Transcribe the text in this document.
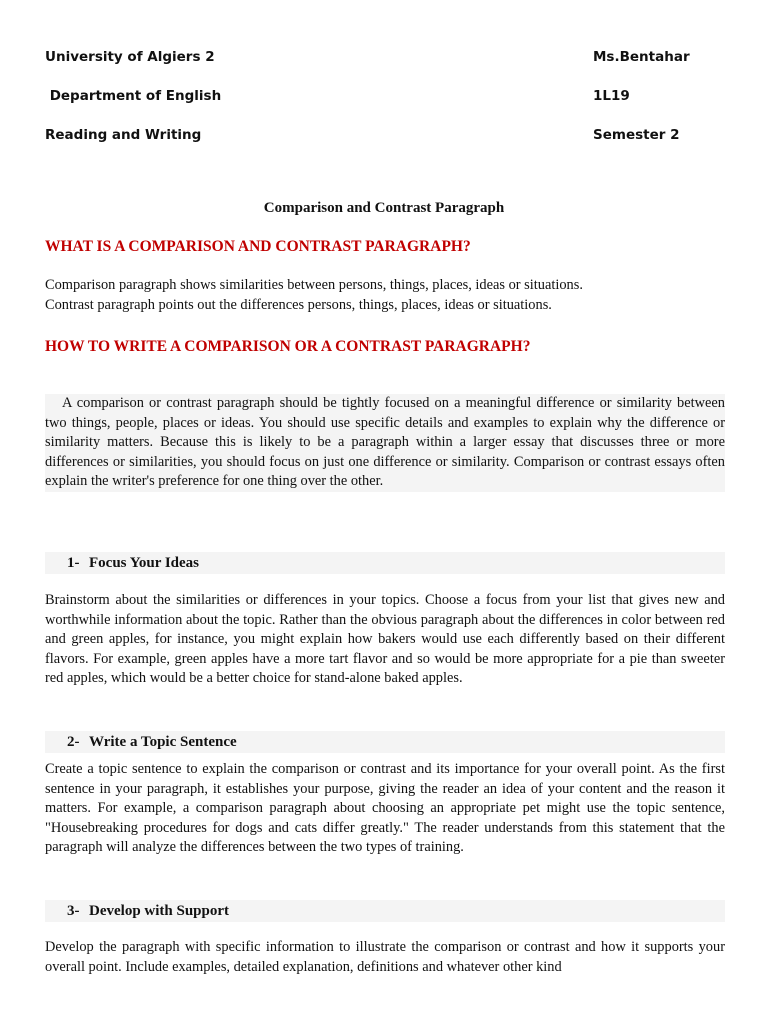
University of Algiers 2
Department of English
Reading and Writing
Ms.Bentahar
1L19
Semester 2
Comparison and Contrast Paragraph
WHAT IS A COMPARISON AND CONTRAST PARAGRAPH?
Comparison paragraph shows similarities between persons, things, places, ideas or situations.
Contrast paragraph points out the differences persons, things, places, ideas or situations.
HOW TO WRITE A COMPARISON OR A CONTRAST PARAGRAPH?
A comparison or contrast paragraph should be tightly focused on a meaningful difference or similarity between two things, people, places or ideas. You should use specific details and examples to explain why the difference or similarity matters. Because this is likely to be a paragraph within a larger essay that discusses three or more differences or similarities, you should focus on just one difference or similarity. Comparison or contrast essays often explain the writer's preference for one thing over the other.
1- Focus Your Ideas
Brainstorm about the similarities or differences in your topics. Choose a focus from your list that gives new and worthwhile information about the topic. Rather than the obvious paragraph about the differences in color between red and green apples, for instance, you might explain how bakers would use each differently based on their different flavors. For example, green apples have a more tart flavor and so would be more appropriate for a pie than sweeter red apples, which would be a better choice for stand-alone baked apples.
2- Write a Topic Sentence
Create a topic sentence to explain the comparison or contrast and its importance for your overall point. As the first sentence in your paragraph, it establishes your purpose, giving the reader an idea of your content and the reason it matters. For example, a comparison paragraph about choosing an appropriate pet might use the topic sentence, "Housebreaking procedures for dogs and cats differ greatly." The reader understands from this statement that the paragraph will analyze the differences between the two types of training.
3- Develop with Support
Develop the paragraph with specific information to illustrate the comparison or contrast and how it supports your overall point. Include examples, detailed explanation, definitions and whatever other kind
